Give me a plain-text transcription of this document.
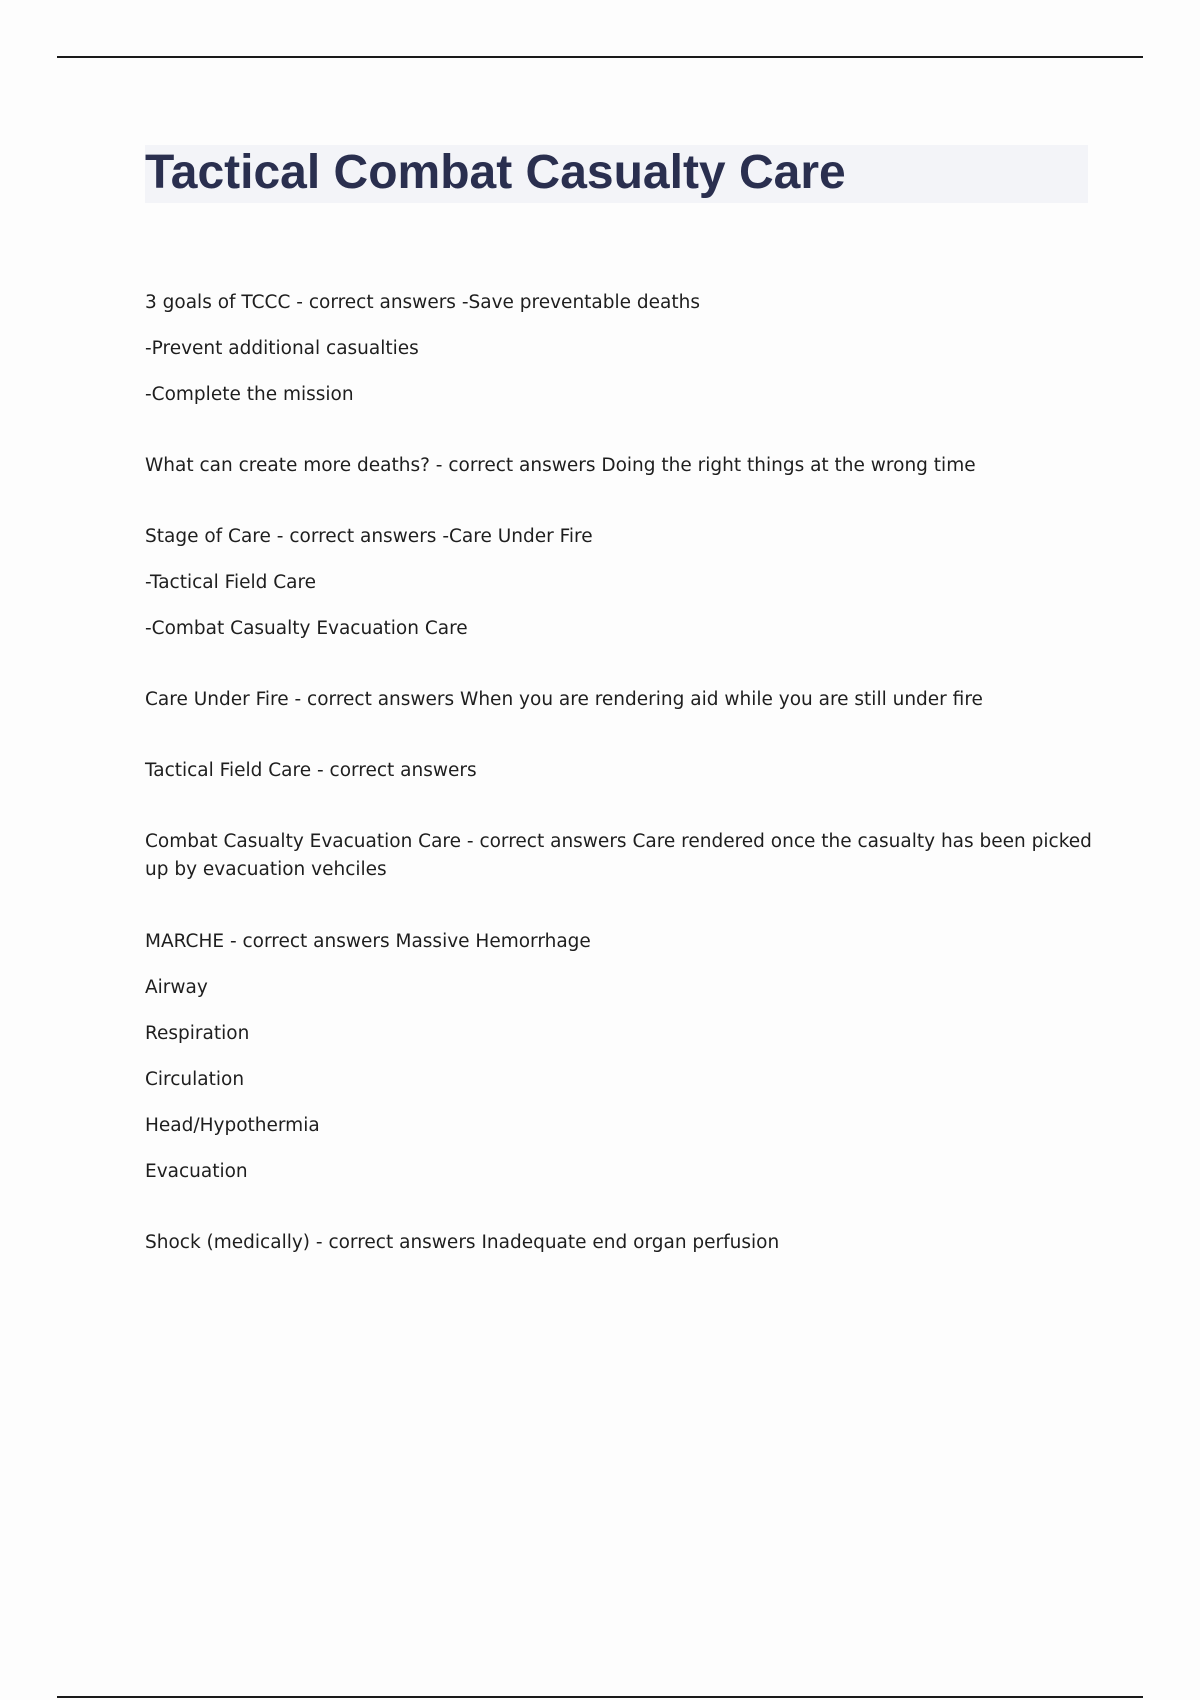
Tactical Combat Casualty Care

3 goals of TCCC - correct answers -Save preventable deaths

-Prevent additional casualties

-Complete the mission

What can create more deaths? - correct answers Doing the right things at the wrong time

Stage of Care - correct answers -Care Under Fire

-Tactical Field Care

-Combat Casualty Evacuation Care

Care Under Fire - correct answers When you are rendering aid while you are still under fire

Tactical Field Care - correct answers

Combat Casualty Evacuation Care - correct answers Care rendered once the casualty has been picked up by evacuation vehciles

MARCHE - correct answers Massive Hemorrhage

Airway

Respiration

Circulation

Head/Hypothermia

Evacuation

Shock (medically) - correct answers Inadequate end organ perfusion
